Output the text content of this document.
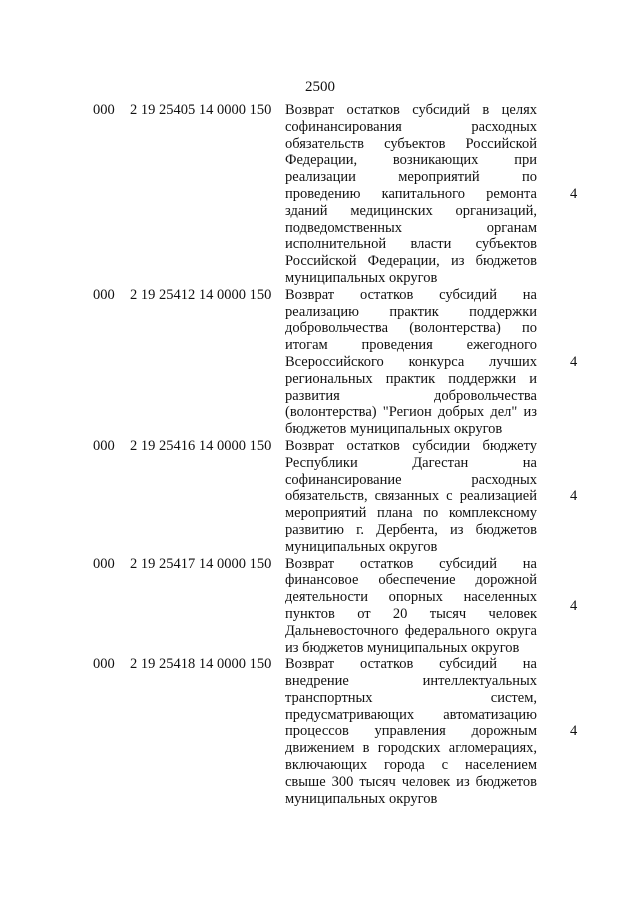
2500
000 2 19 25405 14 0000 150 Возврат остатков субсидий в целях софинансирования расходных обязательств субъектов Российской Федерации, возникающих при реализации мероприятий по проведению капитального ремонта зданий медицинских организаций, подведомственных органам исполнительной власти субъектов Российской Федерации, из бюджетов муниципальных округов
4
000 2 19 25412 14 0000 150 Возврат остатков субсидий на реализацию практик поддержки добровольчества (волонтерства) по итогам проведения ежегодного Всероссийского конкурса лучших региональных практик поддержки и развития добровольчества (волонтерства) "Регион добрых дел" из бюджетов муниципальных округов
4
000 2 19 25416 14 0000 150 Возврат остатков субсидии бюджету Республики Дагестан на софинансирование расходных обязательств, связанных с реализацией мероприятий плана по комплексному развитию г. Дербента, из бюджетов муниципальных округов
4
000 2 19 25417 14 0000 150 Возврат остатков субсидий на финансовое обеспечение дорожной деятельности опорных населенных пунктов от 20 тысяч человек Дальневосточного федерального округа из бюджетов муниципальных округов
4
000 2 19 25418 14 0000 150 Возврат остатков субсидий на внедрение интеллектуальных транспортных систем, предусматривающих автоматизацию процессов управления дорожным движением в городских агломерациях, включающих города с населением свыше 300 тысяч человек из бюджетов муниципальных округов
4
